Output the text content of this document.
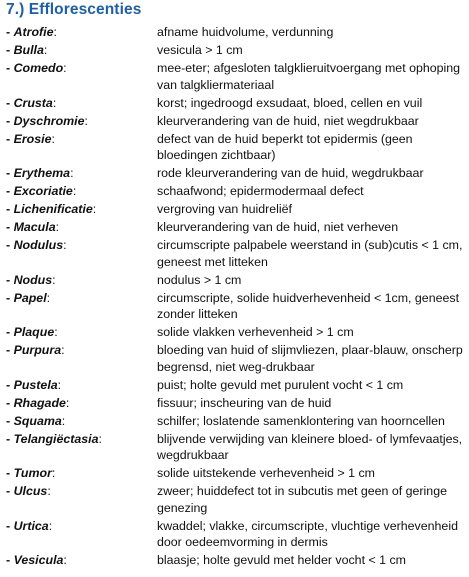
7.) Efflorescenties
- Atrofie:	afname huidvolume, verdunning
- Bulla:	vesicula > 1 cm
- Comedo:	mee-eter; afgesloten talgklieruitvoergang met ophoping van talgkliermateriaal
- Crusta:	korst; ingedroogd exsudaat, bloed, cellen en vuil
- Dyschromie:	kleurverandering van de huid, niet wegdrukbaar
- Erosie:	defect van de huid beperkt tot epidermis (geen bloedingen zichtbaar)
- Erythema:	rode kleurverandering van de huid, wegdrukbaar
- Excoriatie:	schaafwond; epidermodermaal defect
- Lichenificatie:	vergroving van huidreliëf
- Macula:	kleurverandering van de huid, niet verheven
- Nodulus:	circumscripte palpabele weerstand in (sub)cutis < 1 cm, geneest met litteken
- Nodus:	nodulus > 1 cm
- Papel:	circumscripte, solide huidverhevenheid < 1cm, geneest zonder litteken
- Plaque:	solide vlakken verhevenheid > 1 cm
- Purpura:	bloeding van huid of slijmvliezen, plaar-blauw, onscherp begrensd, niet weg-drukbaar
- Pustela:	puist; holte gevuld met purulent vocht < 1 cm
- Rhagade:	fissuur; inscheuring van de huid
- Squama:	schilfer; loslatende samenklontering van hoorncellen
- Telangiëctasia:	blijvende verwijding van kleinere bloed- of lymfevaatjes, wegdrukbaar
- Tumor:	solide uitstekende verhevenheid > 1 cm
- Ulcus:	zweer; huiddefect tot in subcutis met geen of geringe genezing
- Urtica:	kwaddel; vlakke, circumscripte, vluchtige verhevenheid door oedeemvorming in dermis
- Vesicula:	blaasje; holte gevuld met helder vocht < 1 cm
